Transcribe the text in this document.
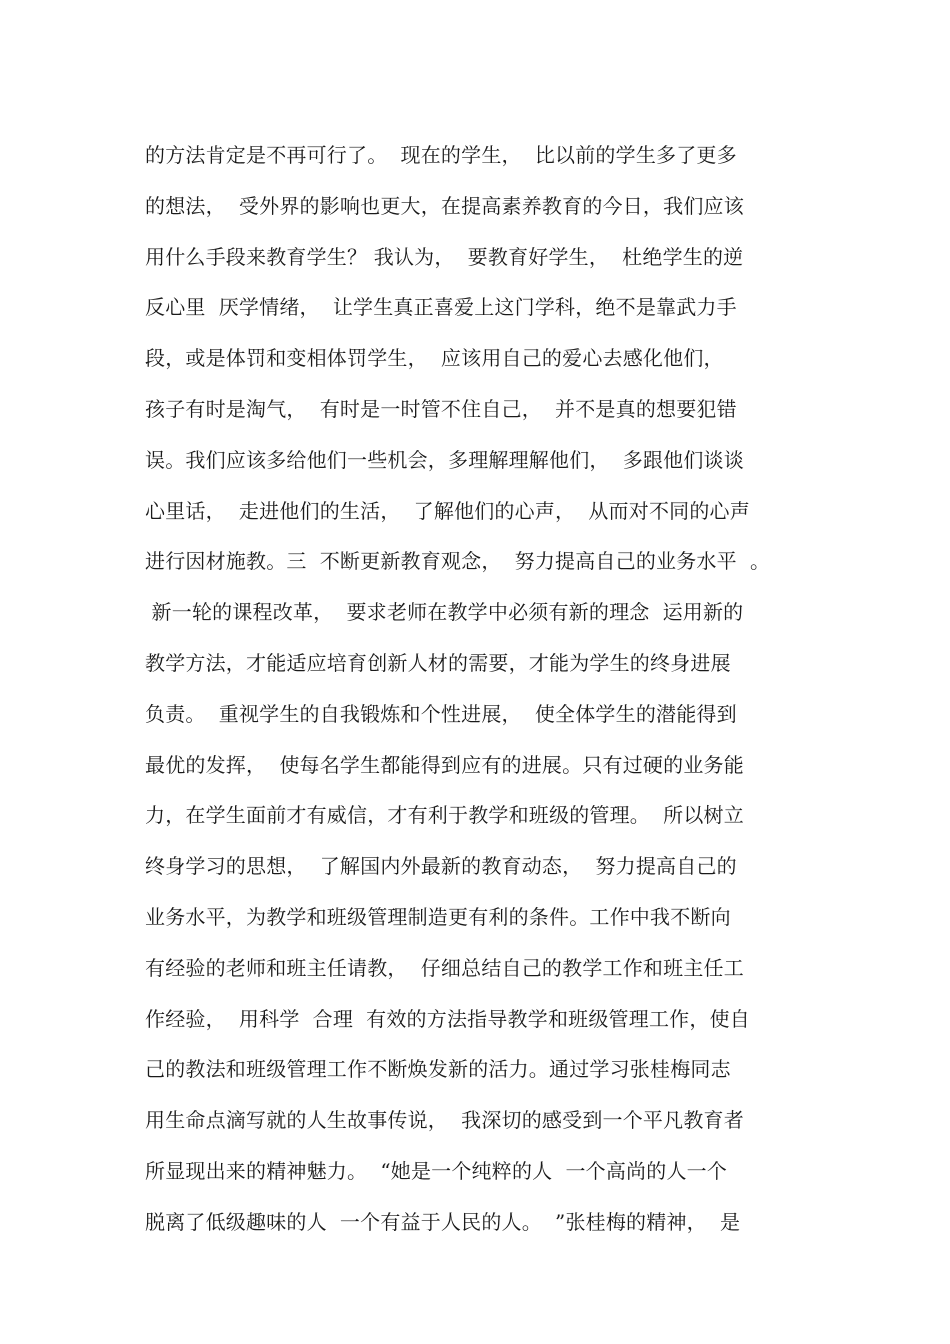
的方法肯定是不再可行了。  现在的学生，  比以前的学生多了更多
的想法，  受外界的影响也更大，在提高素养教育的今日，我们应该
用什么手段来教育学生？ 我认为，  要教育好学生，  杜绝学生的逆
反心里  厌学情绪，  让学生真正喜爱上这门学科，绝不是靠武力手
段，或是体罚和变相体罚学生，  应该用自己的爱心去感化他们，
孩子有时是淘气，  有时是一时管不住自己，  并不是真的想要犯错
误。我们应该多给他们一些机会，多理解理解他们，  多跟他们谈谈
心里话，  走进他们的生活，  了解他们的心声，  从而对不同的心声
进行因材施教。三  不断更新教育观念，  努力提高自己的业务水平  。
新一轮的课程改革，  要求老师在教学中必须有新的理念  运用新的
教学方法，才能适应培育创新人材的需要，才能为学生的终身进展
负责。  重视学生的自我锻炼和个性进展，  使全体学生的潜能得到
最优的发挥，  使每名学生都能得到应有的进展。只有过硬的业务能
力，在学生面前才有威信，才有利于教学和班级的管理。  所以树立
终身学习的思想，  了解国内外最新的教育动态，  努力提高自己的
业务水平，为教学和班级管理制造更有利的条件。工作中我不断向
有经验的老师和班主任请教，  仔细总结自己的教学工作和班主任工
作经验，  用科学  合理  有效的方法指导教学和班级管理工作，使自
己的教法和班级管理工作不断焕发新的活力。通过学习张桂梅同志
用生命点滴写就的人生故事传说，  我深切的感受到一个平凡教育者
所显现出来的精神魅力。  “她是一个纯粹的人  一个高尚的人一个
脱离了低级趣味的人  一个有益于人民的人。  ”张桂梅的精神，  是
